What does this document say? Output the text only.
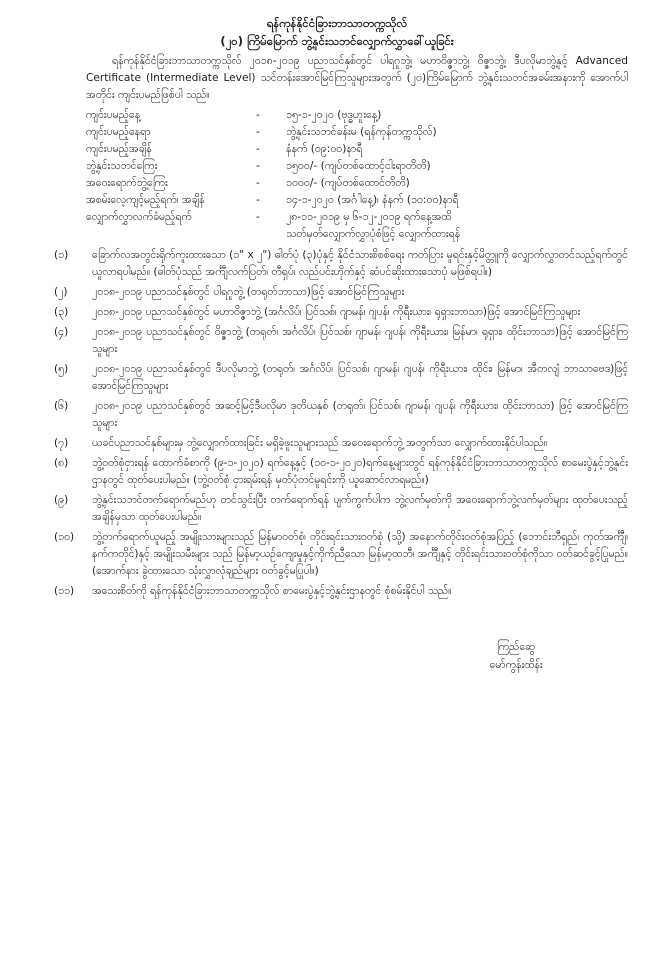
ရန်ကုန်နိုင်ငံခြားဘာသာတက္ကသိုလ်
(၂၀) ကြိမ်မြောက် ဘွဲ့နှင်းသဘင်လျှောက်လွှာခေါ်ယူခြင်း

ရန်ကုန်နိုင်ငံခြားဘာသာတက္ကသိုလ် ၂၀၁၈-၂၀၁၉ ပညာသင်နှစ်တွင် ပါရဂူဘွဲ့၊ မဟာဝိဇ္ဇာဘွဲ့၊ ဝိဇ္ဇာဘွဲ့၊ ဒီပလိုမာဘွဲ့နှင့် Advanced Certificate (Intermediate Level) သင်တန်းအောင်မြင်ကြသူများအတွက် (၂၀)ကြိမ်မြောက် ဘွဲ့နှင်းသဘင်အခမ်းအနားကို အောက်ပါအတိုင်း ကျင်းပမည်ဖြစ်ပါ သည်။

ကျင်းပမည့်နေ့	-	၁၅-၁-၂၀၂၀ (ဗုဒ္ဓဟူးနေ့)
ကျင်းပမည့်နေရာ	-	ဘွဲ့နှင်းသဘင်ခန်းမ (ရန်ကုန်တက္ကသိုလ်)
ကျင်းပမည့်အချိန်	-	နံနက် (၀၉:၀၀)နာရီ
ဘွဲ့နှင်းသဘင်ကြေး	-	၁၅၀၀/- (ကျပ်တစ်ထောင့်ငါးရာတိတိ)
အဝေးရောက်ဘွဲ့ကြေး	-	၁၀၀၀/- (ကျပ်တစ်ထောင်တိတိ)
အစမ်းလေ့ကျင့်မည့်ရက်၊ အချိန်	-	၁၄-၁-၂၀၂၀ (အင်္ဂါနေ့)၊ နံနက် (၁၀:၀၀)နာရီ
လျှောက်လွှာလက်ခံမည့်ရက်	-	၂၈-၁၁-၂၀၁၉ မှ ၆-၁၂-၂၀၁၉ ရက်နေ့အထိ
သတ်မှတ်လျှောက်လွှာပုံစံဖြင့် လျှောက်ထားရန်
(၁)	ခြောက်လအတွင်းရိုက်ကူးထားသော (၁" x ၂") ဓါတ်ပုံ (၃)ပုံနှင့် နိုင်ငံသားစိစစ်ရေး ကတ်ပြား မူရင်းနှင့်မိတ္တူကို လျှောက်လွှာတင်သည့်ရက်တွင် ယူလာရပါမည်။ (ဓါတ်ပုံသည် အင်္ကျီလက်ပြတ်၊ တီရှပ်၊ လည်ပင်းဟိုက်နှင့် ဆံပင်ဆိုးထားသောပုံ မဖြစ်ရပါ။)
(၂)	၂၀၁၈-၂၀၁၉ ပညာသင်နှစ်တွင် ပါရဂူဘွဲ့ (တရုတ်ဘာသာ)ဖြင့် အောင်မြင်ကြသူများ
(၃)	၂၀၁၈-၂၀၁၉ ပညာသင်နှစ်တွင် မဟာဝိဇ္ဇာဘွဲ့ (အင်္ဂလိပ်၊ ပြင်သစ်၊ ဂျာမန်၊ ဂျပန်၊ ကိုရီးယား၊ ရုရှားဘာသာ)ဖြင့် အောင်မြင်ကြသူများ
(၄)	၂၀၁၈-၂၀၁၉ ပညာသင်နှစ်တွင် ဝိဇ္ဇာဘွဲ့ (တရုတ်၊ အင်္ဂလိပ်၊ ပြင်သစ်၊ ဂျာမန်၊ ဂျပန်၊ ကိုရီးယား၊ မြန်မာ၊ ရုရှား၊ ထိုင်းဘာသာ)ဖြင့် အောင်မြင်ကြသူများ
(၅)	၂၀၁၈-၂၀၁၉ ပညာသင်နှစ်တွင် ဒီပလိုမာဘွဲ့ (တရုတ်၊ အင်္ဂလိပ်၊ ပြင်သစ်၊ ဂျာမန်၊ ဂျပန်၊ ကိုရီးယား၊ ထိုင်း၊ မြန်မာ၊ အီတလျံ ဘာသာဗေဒ)ဖြင့် အောင်မြင်ကြသူများ
(၆)	၂၀၁၈-၂၀၁၉ ပညာသင်နှစ်တွင် အဆင့်မြင့်ဒီပလိုမာ ဒုတိယနှစ် (တရုတ်၊ ပြင်သစ်၊ ဂျာမန်၊ ဂျပန်၊ ကိုရီးယား၊ ထိုင်းဘာသာ) ဖြင့် အောင်မြင်ကြသူများ
(၇)	ယခင်ပညာသင်နှစ်များမှ ဘွဲ့လျှောက်ထားခြင်း မရှိခဲ့ဖူးသူများသည် အဝေးရောက်ဘွဲ့ အတွက်သာ လျှောက်ထားနိုင်ပါသည်။
(၈)	ဘွဲ့ဝတ်စုံငှားရန် ထောက်ခံစာကို (၉-၁-၂၀၂၀) ရက်နေ့နှင့် (၁၀-၁-၂၀၂၀)ရက်နေ့များတွင် ရန်ကုန်နိုင်ငံခြားဘာသာတက္ကသိုလ် စာမေးပွဲနှင့်ဘွဲ့နှင်းဌာနတွင် ထုတ်ပေးပါမည်။ (ဘွဲ့ဝတ်စုံ ငှားရမ်းရန် မှတ်ပုံတင်မူရင်းကို ယူဆောင်လာရမည်။)
(၉)	ဘွဲ့နှင်းသဘင်တက်ရောက်မည်ဟု တင်သွင်းပြီး တက်ရောက်ရန် ပျက်ကွက်ပါက ဘွဲ့လက်မှတ်ကို အဝေးရောက်ဘွဲ့လက်မှတ်များ ထုတ်ပေးသည့်အချိန်မှသာ ထုတ်ပေးပါမည်။
(၁၀)	ဘွဲ့တက်ရောက်ယူမည့် အမျိုးသားများသည် မြန်မာဝတ်စုံ၊ တိုင်းရင်းသားဝတ်စုံ (သို့) အနောက်တိုင်းဝတ်စုံအပြည့် (ဘောင်းဘီရှည်၊ ကုတ်အင်္ကျီ၊ နက်ကတိုင်)နှင့် အမျိုးသမီးများ သည် မြန်မာ့ယဉ်ကျေးမှုနှင့်ကိုက်ညီသော မြန်မာ့ထဘီ၊ အင်္ကျီနှင့် တိုင်းရင်းသားဝတ်စုံကိုသာ ဝတ်ဆင်ခွင့်ပြုမည်။ (အောက်နား ခွဲထားသော သုံးလွှာလုံချည်များ ဝတ်ခွင့်မပြုပါ။)
(၁၁)	အသေးစိတ်ကို ရန်ကုန်နိုင်ငံခြားဘာသာတက္ကသိုလ် စာမေးပွဲနှင့်ဘွဲ့နှင်းဌာနတွင် စုံစမ်းနိုင်ပါ သည်။
ကြည်ဆွေ
မော်ကွန်းထိန်း
